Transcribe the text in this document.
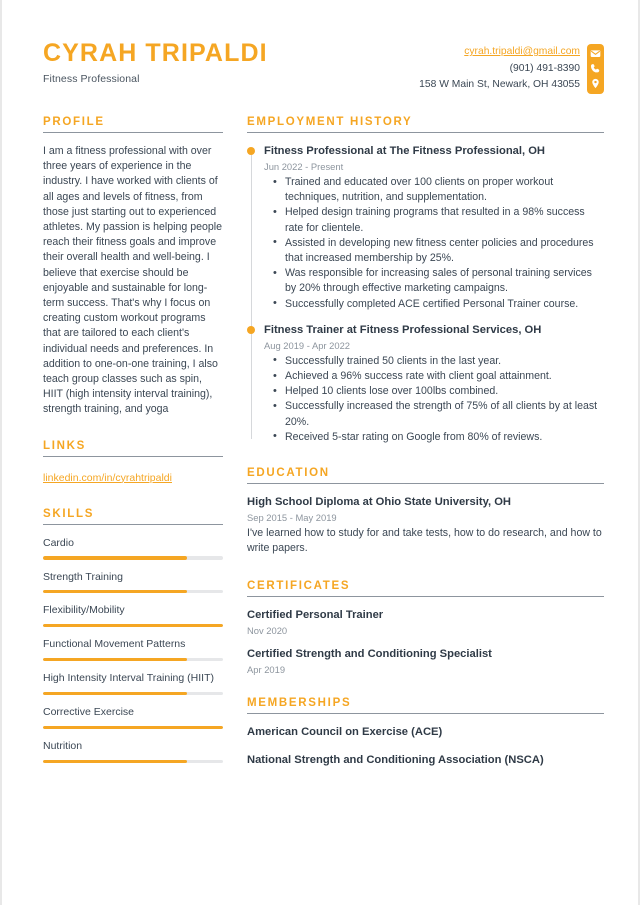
CYRAH TRIPALDI
Fitness Professional
cyrah.tripaldi@gmail.com
(901) 491-8390
158 W Main St, Newark, OH 43055
PROFILE
I am a fitness professional with over three years of experience in the industry. I have worked with clients of all ages and levels of fitness, from those just starting out to experienced athletes. My passion is helping people reach their fitness goals and improve their overall health and well-being. I believe that exercise should be enjoyable and sustainable for long-term success. That's why I focus on creating custom workout programs that are tailored to each client's individual needs and preferences. In addition to one-on-one training, I also teach group classes such as spin, HIIT (high intensity interval training), strength training, and yoga
LINKS
linkedin.com/in/cyrahtripaldi
SKILLS
Cardio
Strength Training
Flexibility/Mobility
Functional Movement Patterns
High Intensity Interval Training (HIIT)
Corrective Exercise
Nutrition
EMPLOYMENT HISTORY
Fitness Professional at The Fitness Professional, OH
Jun 2022 - Present
• Trained and educated over 100 clients on proper workout techniques, nutrition, and supplementation.
• Helped design training programs that resulted in a 98% success rate for clientele.
• Assisted in developing new fitness center policies and procedures that increased membership by 25%.
• Was responsible for increasing sales of personal training services by 20% through effective marketing campaigns.
• Successfully completed ACE certified Personal Trainer course.
Fitness Trainer at Fitness Professional Services, OH
Aug 2019 - Apr 2022
• Successfully trained 50 clients in the last year.
• Achieved a 96% success rate with client goal attainment.
• Helped 10 clients lose over 100lbs combined.
• Successfully increased the strength of 75% of all clients by at least 20%.
• Received 5-star rating on Google from 80% of reviews.
EDUCATION
High School Diploma at Ohio State University, OH
Sep 2015 - May 2019
I've learned how to study for and take tests, how to do research, and how to write papers.
CERTIFICATES
Certified Personal Trainer
Nov 2020
Certified Strength and Conditioning Specialist
Apr 2019
MEMBERSHIPS
American Council on Exercise (ACE)
National Strength and Conditioning Association (NSCA)
